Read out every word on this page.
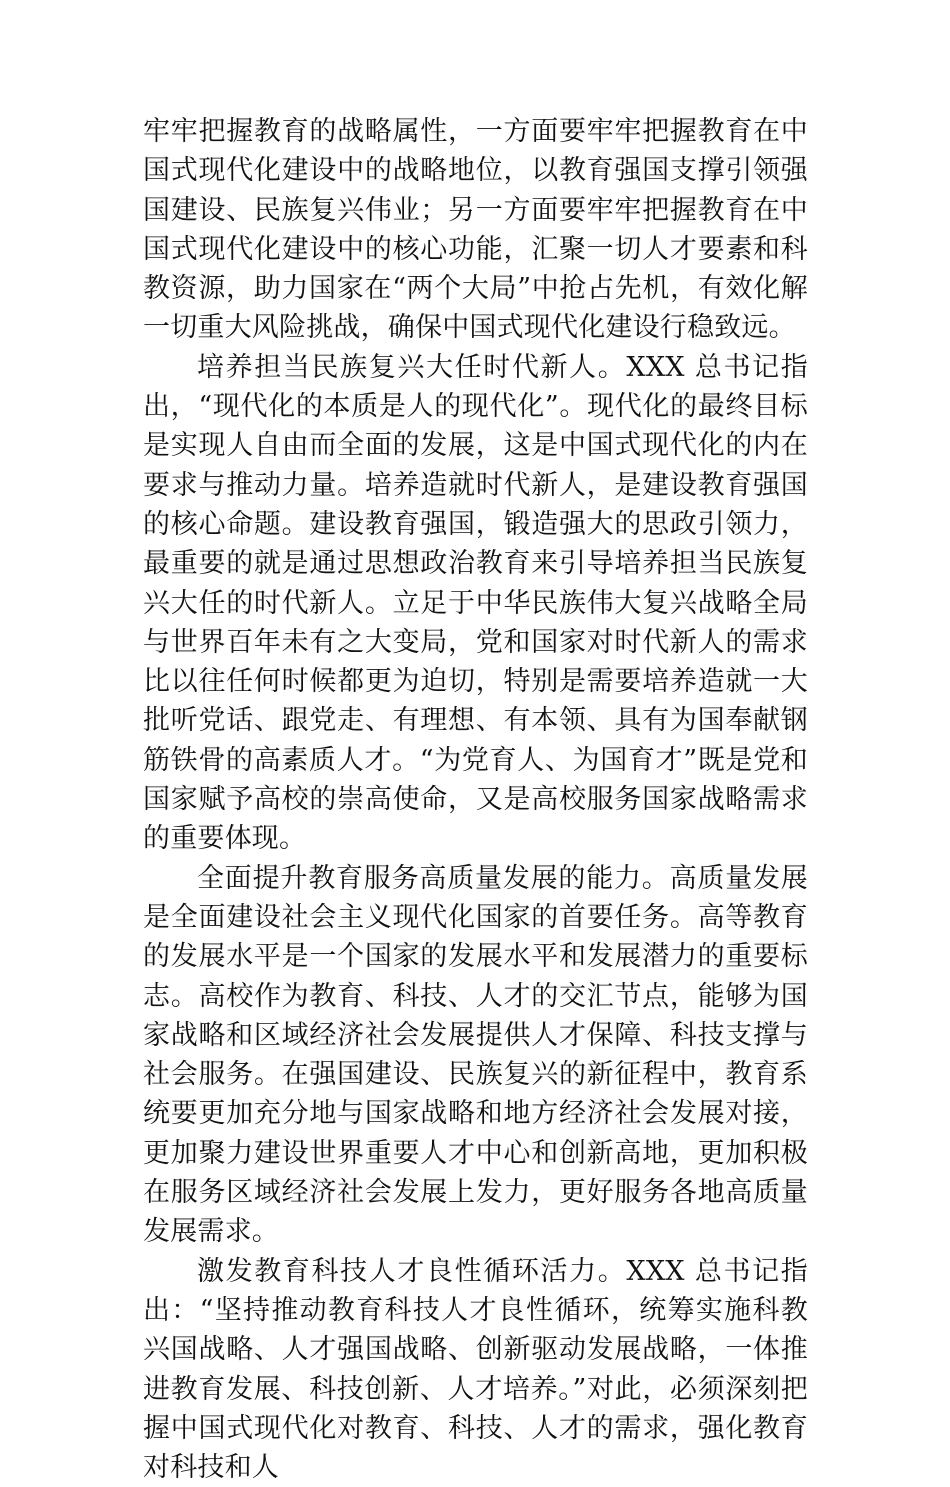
牢牢把握教育的战略属性，一方面要牢牢把握教育在中国式现代化建设中的战略地位，以教育强国支撑引领强国建设、民族复兴伟业；另一方面要牢牢把握教育在中国式现代化建设中的核心功能，汇聚一切人才要素和科教资源，助力国家在“两个大局”中抢占先机，有效化解一切重大风险挑战，确保中国式现代化建设行稳致远。

培养担当民族复兴大任时代新人。XXX 总书记指出，“现代化的本质是人的现代化”。现代化的最终目标是实现人自由而全面的发展，这是中国式现代化的内在要求与推动力量。培养造就时代新人，是建设教育强国的核心命题。建设教育强国，锻造强大的思政引领力，最重要的就是通过思想政治教育来引导培养担当民族复兴大任的时代新人。立足于中华民族伟大复兴战略全局与世界百年未有之大变局，党和国家对时代新人的需求比以往任何时候都更为迫切，特别是需要培养造就一大批听党话、跟党走、有理想、有本领、具有为国奉献钢筋铁骨的高素质人才。“为党育人、为国育才”既是党和国家赋予高校的崇高使命，又是高校服务国家战略需求的重要体现。

全面提升教育服务高质量发展的能力。高质量发展是全面建设社会主义现代化国家的首要任务。高等教育的发展水平是一个国家的发展水平和发展潜力的重要标志。高校作为教育、科技、人才的交汇节点，能够为国家战略和区域经济社会发展提供人才保障、科技支撑与社会服务。在强国建设、民族复兴的新征程中，教育系统要更加充分地与国家战略和地方经济社会发展对接，更加聚力建设世界重要人才中心和创新高地，更加积极在服务区域经济社会发展上发力，更好服务各地高质量发展需求。

激发教育科技人才良性循环活力。XXX 总书记指出：“坚持推动教育科技人才良性循环，统筹实施科教兴国战略、人才强国战略、创新驱动发展战略，一体推进教育发展、科技创新、人才培养。”对此，必须深刻把握中国式现代化对教育、科技、人才的需求，强化教育对科技和人
